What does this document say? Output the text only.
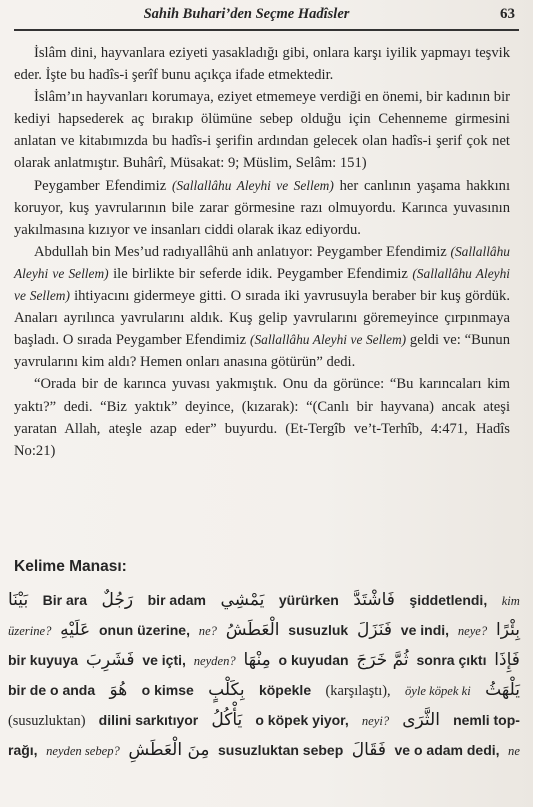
Sahih Buhari’den Seçme Hadîsler	63

İslâm dini, hayvanlara eziyeti yasakladığı gibi, onlara karşı iyilik yapmayı teşvik eder. İşte bu hadîs-i şerîf bunu açıkça ifade etmektedir.

İslâm’ın hayvanları korumaya, eziyet etmemeye verdiği en önemi, bir kadının bir kediyi hapsederek aç bırakıp ölümüne sebep olduğu için Cehenneme girmesini anlatan ve kitabımızda bu hadîs-i şerifin ardından gelecek olan hadîs-i şerif çok net olarak anlatmıştır. Buhârî, Müsakat: 9; Müslim, Selâm: 151)

Peygamber Efendimiz (Sallallâhu Aleyhi ve Sellem) her canlının yaşama hakkını koruyor, kuş yavrularının bile zarar görmesine razı olmuyordu. Karınca yuvasının yakılmasına kızıyor ve insanları ciddi olarak ikaz ediyordu.

Abdullah bin Mes’ud radıyallâhü anh anlatıyor: Peygamber Efendimiz (Sallallâhu Aleyhi ve Sellem) ile birlikte bir seferde idik. Peygamber Efendimiz (Sallallâhu Aleyhi ve Sellem) ihtiyacını gidermeye gitti. O sırada iki yavrusuyla beraber bir kuş gördük. Anaları ayrılınca yavrularını aldık. Kuş gelip yavrularını göremeyince çırpınmaya başladı. O sırada Peygamber Efendimiz (Sallallâhu Aleyhi ve Sellem) geldi ve: “Bunun yavrularını kim aldı? Hemen onları anasına götürün” dedi.

“Orada bir de karınca yuvası yakmıştık. Onu da görünce: “Bu karıncaları kim yaktı?” dedi. “Biz yaktık” deyince, (kızarak): “(Canlı bir hayvana) ancak ateşi yaratan Allah, ateşle azap eder” buyurdu. (Et-Tergîb ve’t-Terhîb, 4:471, Hadîs No:21)

Kelime Manası:
بَيْنَا Bir ara رَجُلٌ bir adam يَمْشِي yürürken فَاشْتَدَّ şiddetlendi, kim
üzerine? عَلَيْهِ onun üzerine, ne? الْعَطَشُ susuzluk فَنَزَلَ ve indi, neye? بِئْرًا
bir kuyuya فَشَرِبَ ve içti, neyden? مِنْهَا o kuyudan ثُمَّ خَرَجَ sonra çıktı فَإِذَا
bir de o anda هُوَ o kimse بِكَلْبٍ köpekle (karşılaştı), öyle köpek ki يَلْهَثُ
(susuzluktan) dilini sarkıtıyor يَأْكُلُ o köpek yiyor, neyi? الثَّرَى nemli top-
rağı, neyden sebep? مِنَ الْعَطَشِ susuzluktan sebep فَقَالَ ve o adam dedi, ne
